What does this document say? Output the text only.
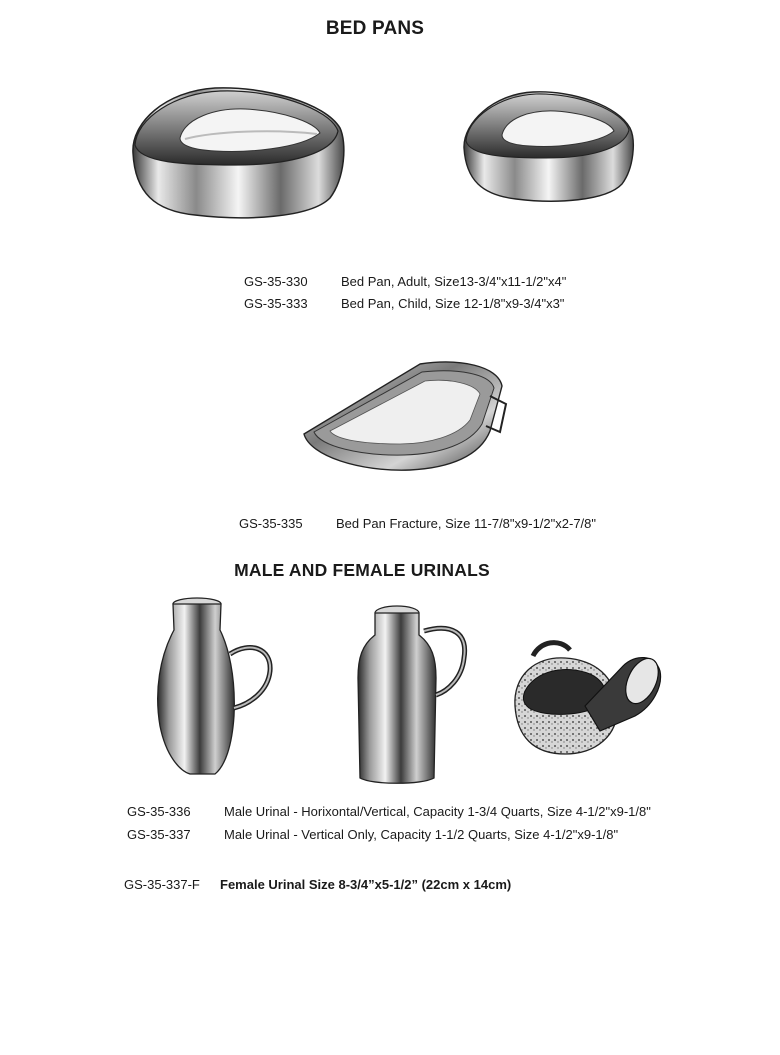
BED PANS
MALE AND FEMALE URINALS
GS-35-330	Bed Pan, Adult, Size13-3/4"x11-1/2"x4"
GS-35-333	Bed Pan, Child, Size 12-1/8"x9-3/4"x3"
GS-35-335	Bed Pan Fracture, Size 11-7/8"x9-1/2"x2-7/8"
GS-35-336	Male Urinal - Horixontal/Vertical, Capacity 1-3/4 Quarts, Size 4-1/2"x9-1/8"
GS-35-337	Male Urinal - Vertical Only, Capacity 1-1/2 Quarts, Size 4-1/2"x9-1/8"
GS-35-337-F Female Urinal Size 8-3/4”x5-1/2” (22cm x 14cm)
